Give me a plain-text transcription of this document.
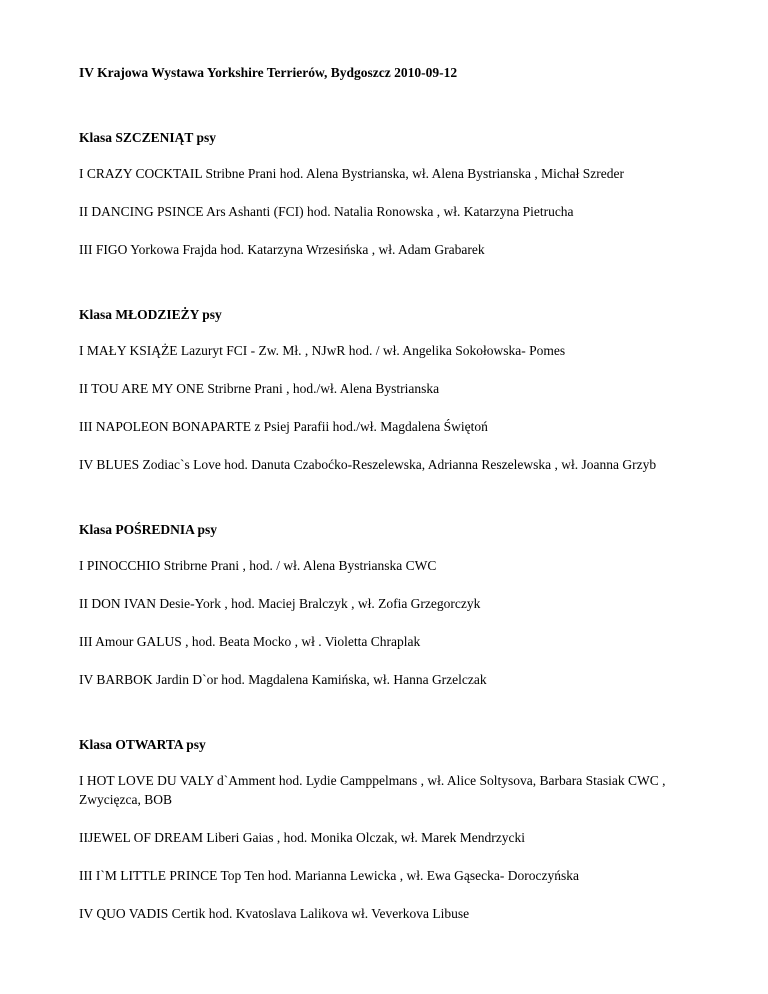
IV Krajowa Wystawa Yorkshire Terrierów, Bydgoszcz 2010-09-12

Klasa SZCZENIĄT psy

I CRAZY COCKTAIL Stribne Prani hod. Alena Bystrianska, wł. Alena Bystrianska , Michał Szreder

II DANCING PSINCE Ars Ashanti (FCI) hod. Natalia Ronowska , wł. Katarzyna Pietrucha

III FIGO Yorkowa Frajda hod. Katarzyna Wrzesińska , wł. Adam Grabarek

Klasa MŁODZIEŻY psy

I MAŁY KSIĄŻE Lazuryt FCI - Zw. Mł. , NJwR hod. / wł. Angelika Sokołowska- Pomes

II TOU ARE MY ONE Stribrne Prani , hod./wł. Alena Bystrianska

III NAPOLEON BONAPARTE z Psiej Parafii hod./wł. Magdalena Świętoń

IV BLUES Zodiac`s Love hod. Danuta Czabоćko-Reszelewska, Adrianna Reszelewska , wł. Joanna Grzyb

Klasa POŚREDNIA psy

I PINOCCHIO Stribrne Prani , hod. / wł. Alena Bystrianska CWC

II DON IVAN Desie-York , hod. Maciej Bralczyk , wł. Zofia Grzegorczyk

III Amour GALUS , hod. Beata Mocko , wł . Violetta Chraplak

IV BARBOK Jardin D`or hod. Magdalena Kamińska, wł. Hanna Grzelczak

Klasa OTWARTA psy

I HOT LOVE DU VALY d`Amment hod. Lydie Camppelmans , wł. Alice Soltysova, Barbara Stasiak CWC , Zwycięzca, BOB

IIJEWEL OF DREAM Liberi Gaias , hod. Monika Olczak, wł. Marek Mendrzycki

III I`M LITTLE PRINCE Top Ten hod. Marianna Lewicka , wł. Ewa Gąsecka- Doroczyńska

IV QUO VADIS Certik hod. Kvatoslava Lalikova wł. Veverkova Libuse
